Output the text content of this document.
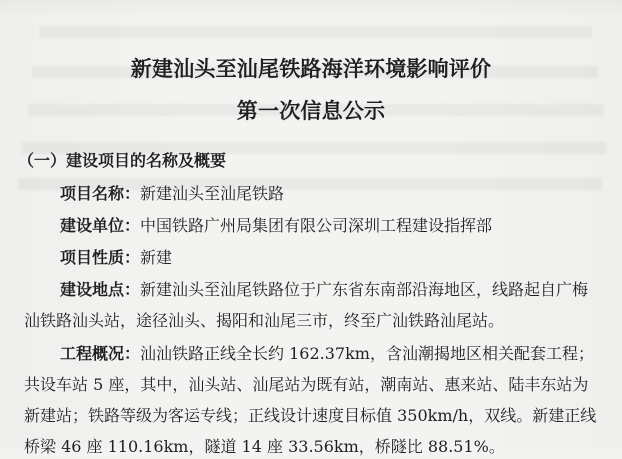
新建汕头至汕尾铁路海洋环境影响评价
第一次信息公示
（一）建设项目的名称及概要
项目名称：新建汕头至汕尾铁路
建设单位：中国铁路广州局集团有限公司深圳工程建设指挥部
项目性质：新建
建设地点：新建汕头至汕尾铁路位于广东省东南部沿海地区，线路起自广梅
汕铁路汕头站，途径汕头、揭阳和汕尾三市，终至广汕铁路汕尾站。
工程概况：汕汕铁路正线全长约 162.37km，含汕潮揭地区相关配套工程；
共设车站 5 座，其中，汕头站、汕尾站为既有站，潮南站、惠来站、陆丰东站为
新建站；铁路等级为客运专线；正线设计速度目标值 350km/h，双线。新建正线
桥梁 46 座 110.16km，隧道 14 座 33.56km，桥隧比 88.51%。
